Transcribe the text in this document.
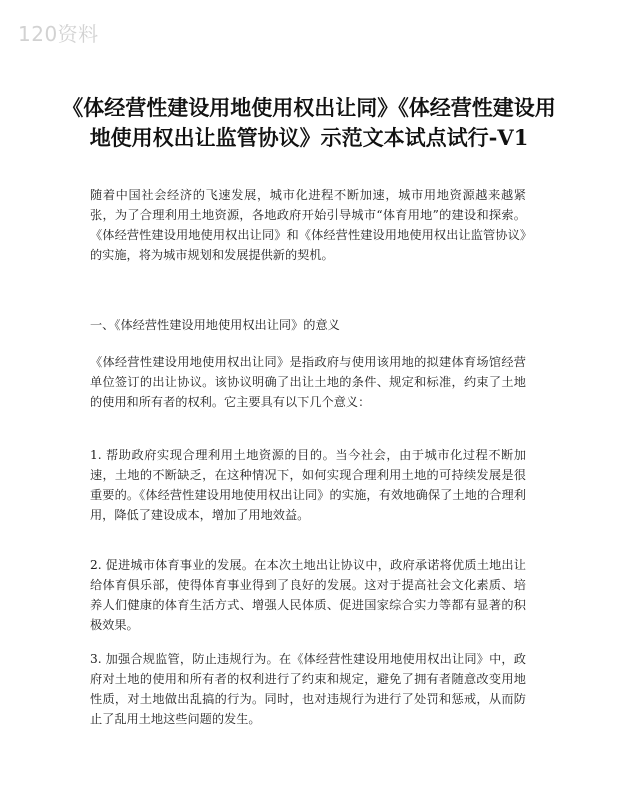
120资料
《体经营性建设用地使用权出让同》《体经营性建设用地使用权出让监管协议》示范文本试点试行-V1

随着中国社会经济的飞速发展，城市化进程不断加速，城市用地资源越来越紧张，为了合理利用土地资源，各地政府开始引导城市“体育用地”的建设和探索。《体经营性建设用地使用权出让同》和《体经营性建设用地使用权出让监管协议》的实施，将为城市规划和发展提供新的契机。

一、《体经营性建设用地使用权出让同》的意义

《体经营性建设用地使用权出让同》是指政府与使用该用地的拟建体育场馆经营单位签订的出让协议。该协议明确了出让土地的条件、规定和标准，约束了土地的使用和所有者的权利。它主要具有以下几个意义：

1. 帮助政府实现合理利用土地资源的目的。当今社会，由于城市化过程不断加速，土地的不断缺乏，在这种情况下，如何实现合理利用土地的可持续发展是很重要的。《体经营性建设用地使用权出让同》的实施，有效地确保了土地的合理利用，降低了建设成本，增加了用地效益。

2. 促进城市体育事业的发展。在本次土地出让协议中，政府承诺将优质土地出让给体育俱乐部，使得体育事业得到了良好的发展。这对于提高社会文化素质、培养人们健康的体育生活方式、增强人民体质、促进国家综合实力等都有显著的积极效果。

3. 加强合规监管，防止违规行为。在《体经营性建设用地使用权出让同》中，政府对土地的使用和所有者的权利进行了约束和规定，避免了拥有者随意改变用地性质，对土地做出乱搞的行为。同时，也对违规行为进行了处罚和惩戒，从而防止了乱用土地这些问题的发生。
